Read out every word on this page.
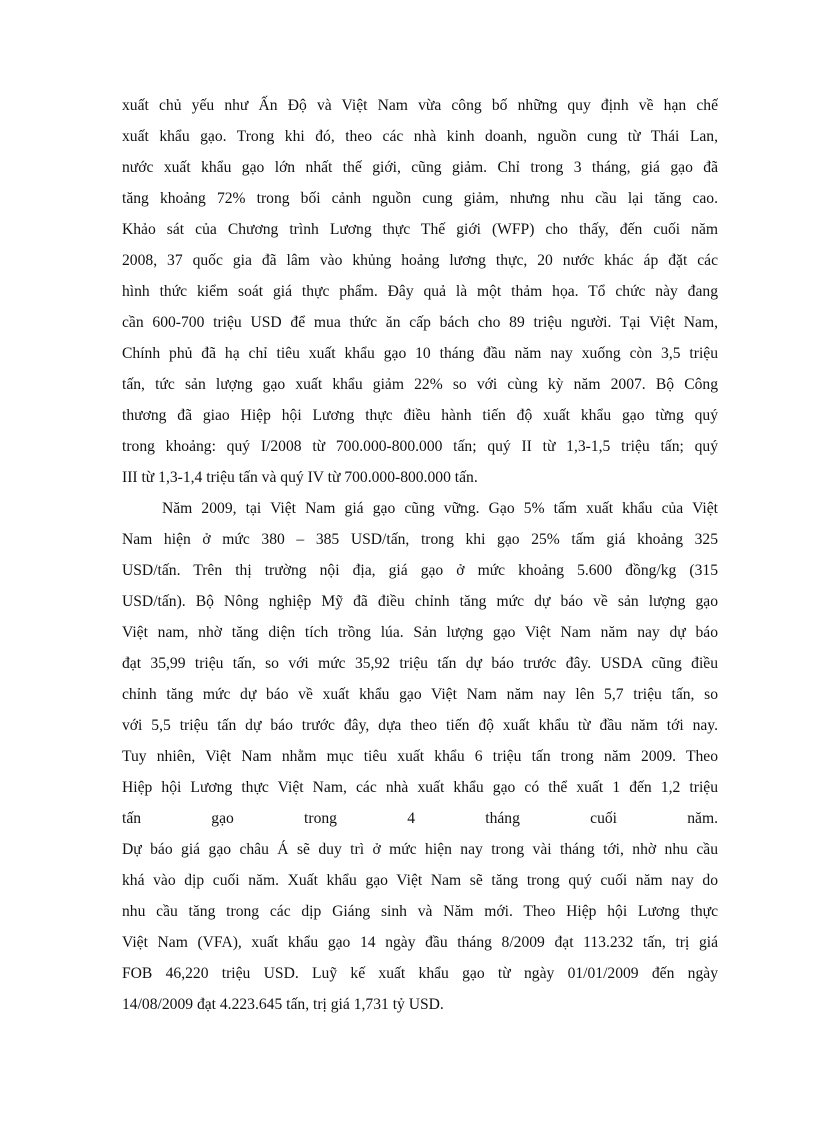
xuất chủ yếu như Ấn Độ và Việt Nam vừa công bố những quy định về hạn chế
xuất khẩu gạo. Trong khi đó, theo các nhà kinh doanh, nguồn cung từ Thái Lan,
nước xuất khẩu gạo lớn nhất thế giới, cũng giảm. Chỉ trong 3 tháng, giá gạo đã
tăng khoảng 72% trong bối cảnh nguồn cung giảm, nhưng nhu cầu lại tăng cao.
Khảo sát của Chương trình Lương thực Thế giới (WFP) cho thấy, đến cuối năm
2008, 37 quốc gia đã lâm vào khủng hoảng lương thực, 20 nước khác áp đặt các
hình thức kiểm soát giá thực phẩm. Đây quả là một thảm họa. Tổ chức này đang
cần 600-700 triệu USD để mua thức ăn cấp bách cho 89 triệu người. Tại Việt Nam,
Chính phủ đã hạ chỉ tiêu xuất khẩu gạo 10 tháng đầu năm nay xuống còn 3,5 triệu
tấn, tức sản lượng gạo xuất khẩu giảm 22% so với cùng kỳ năm 2007. Bộ Công
thương đã giao Hiệp hội Lương thực điều hành tiến độ xuất khẩu gạo từng quý
trong khoảng: quý I/2008 từ 700.000-800.000 tấn; quý II từ 1,3-1,5 triệu tấn; quý
III từ 1,3-1,4 triệu tấn và quý IV từ 700.000-800.000 tấn.

Năm 2009, tại Việt Nam giá gạo cũng vững. Gạo 5% tấm xuất khẩu của Việt
Nam hiện ở mức 380 – 385 USD/tấn, trong khi gạo 25% tấm giá khoảng 325
USD/tấn. Trên thị trường nội địa, giá gạo ở mức khoảng 5.600 đồng/kg (315
USD/tấn). Bộ Nông nghiệp Mỹ đã điều chỉnh tăng mức dự báo về sản lượng gạo
Việt nam, nhờ tăng diện tích trồng lúa. Sản lượng gạo Việt Nam năm nay dự báo
đạt 35,99 triệu tấn, so với mức 35,92 triệu tấn dự báo trước đây. USDA cũng điều
chỉnh tăng mức dự báo về xuất khẩu gạo Việt Nam năm nay lên 5,7 triệu tấn, so
với 5,5 triệu tấn dự báo trước đây, dựa theo tiến độ xuất khẩu từ đầu năm tới nay.
Tuy nhiên, Việt Nam nhằm mục tiêu xuất khẩu 6 triệu tấn trong năm 2009. Theo
Hiệp hội Lương thực Việt Nam, các nhà xuất khẩu gạo có thể xuất 1 đến 1,2 triệu
tấn gạo trong 4 tháng cuối năm.
Dự báo giá gạo châu Á sẽ duy trì ở mức hiện nay trong vài tháng tới, nhờ nhu cầu
khá vào dịp cuối năm. Xuất khẩu gạo Việt Nam sẽ tăng trong quý cuối năm nay do
nhu cầu tăng trong các dịp Giáng sinh và Năm mới. Theo Hiệp hội Lương thực
Việt Nam (VFA), xuất khẩu gạo 14 ngày đầu tháng 8/2009 đạt 113.232 tấn, trị giá
FOB 46,220 triệu USD. Luỹ kế xuất khẩu gạo từ ngày 01/01/2009 đến ngày
14/08/2009 đạt 4.223.645 tấn, trị giá 1,731 tỷ USD.
